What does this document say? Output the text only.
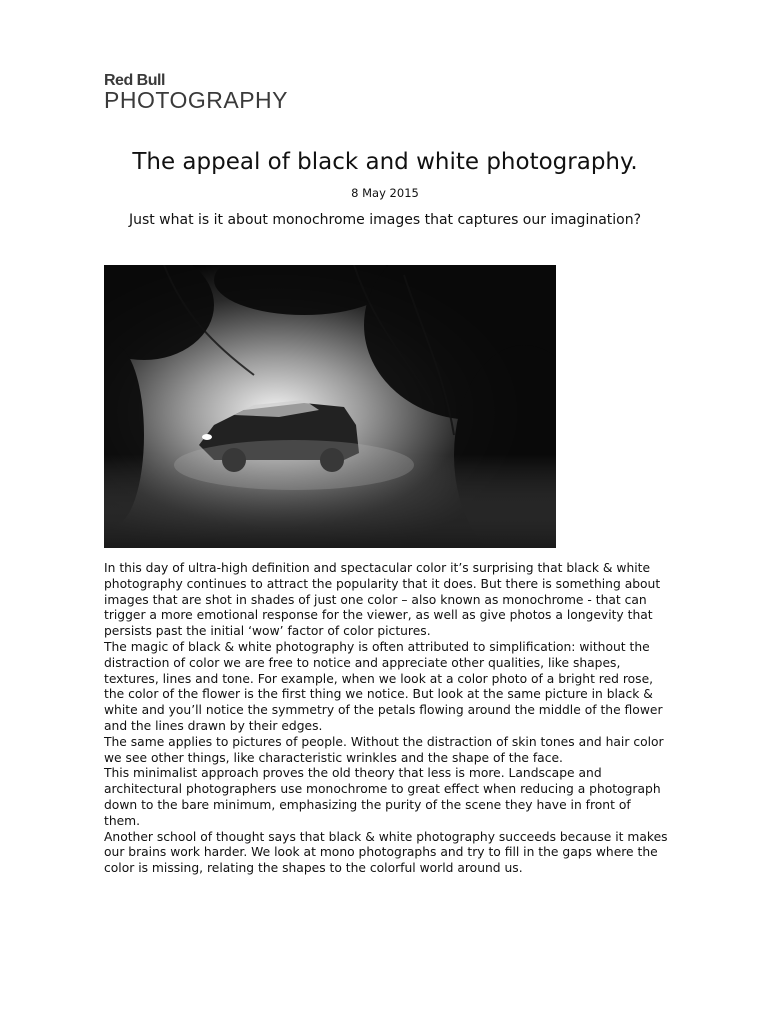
Red Bull
PHOTOGRAPHY
The appeal of black and white photography.
8 May 2015
Just what is it about monochrome images that captures our imagination?

In this day of ultra-high definition and spectacular color it’s surprising that black & white photography continues to attract the popularity that it does. But there is something about images that are shot in shades of just one color – also known as monochrome - that can trigger a more emotional response for the viewer, as well as give photos a longevity that persists past the initial ‘wow’ factor of color pictures.

The magic of black & white photography is often attributed to simplification: without the distraction of color we are free to notice and appreciate other qualities, like shapes, textures, lines and tone. For example, when we look at a color photo of a bright red rose, the color of the flower is the first thing we notice. But look at the same picture in black & white and you’ll notice the symmetry of the petals flowing around the middle of the flower and the lines drawn by their edges.

The same applies to pictures of people. Without the distraction of skin tones and hair color we see other things, like characteristic wrinkles and the shape of the face.

This minimalist approach proves the old theory that less is more. Landscape and architectural photographers use monochrome to great effect when reducing a photograph down to the bare minimum, emphasizing the purity of the scene they have in front of them.

Another school of thought says that black & white photography succeeds because it makes our brains work harder. We look at mono photographs and try to fill in the gaps where the color is missing, relating the shapes to the colorful world around us.
